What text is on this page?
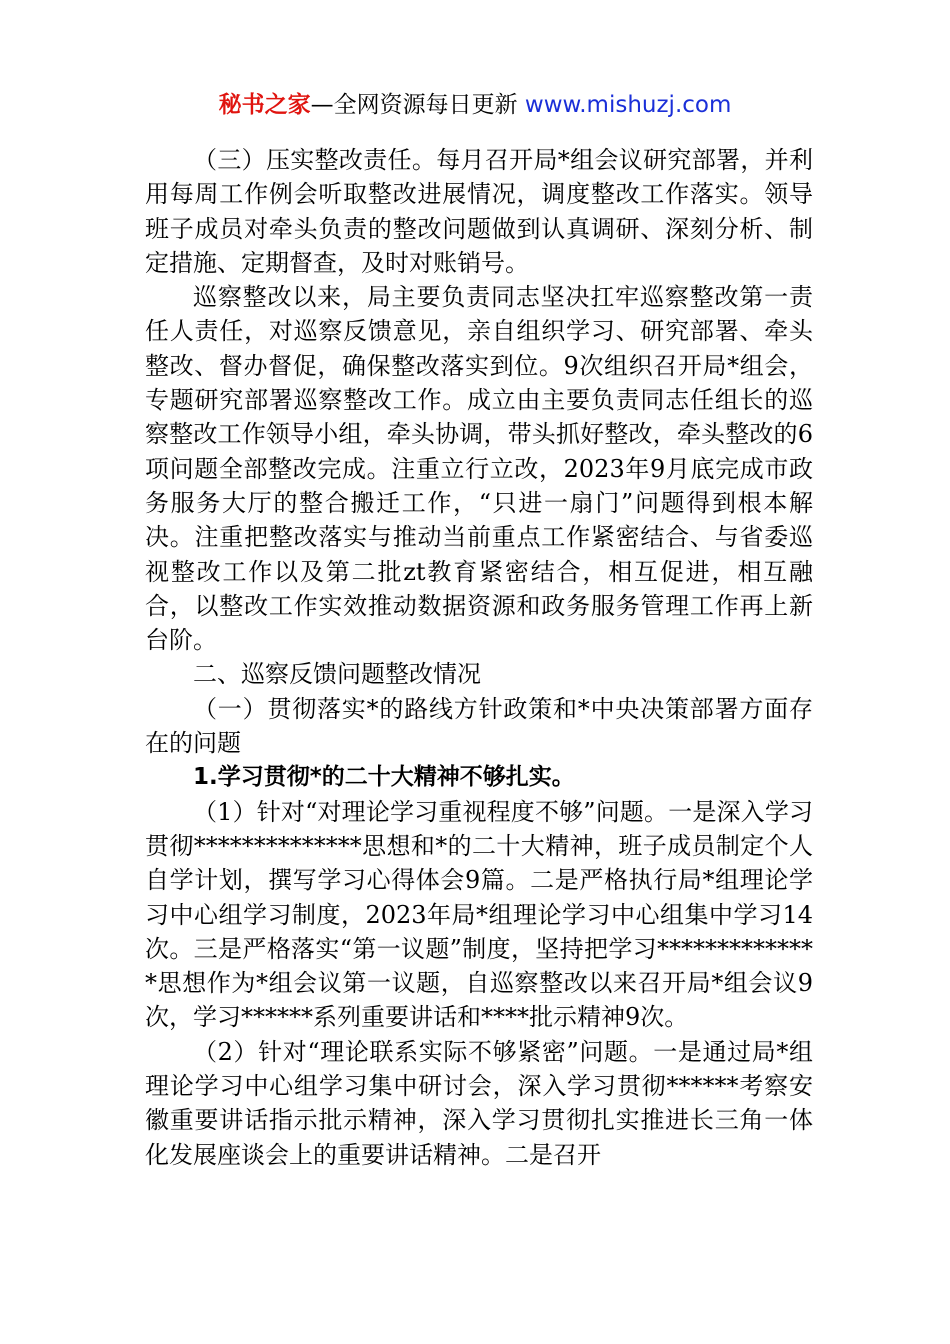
秘书之家—全网资源每日更新 www.mishuzj.com

（三）压实整改责任。每月召开局*组会议研究部署，并利用每周工作例会听取整改进展情况，调度整改工作落实。领导班子成员对牵头负责的整改问题做到认真调研、深刻分析、制定措施、定期督查，及时对账销号。

巡察整改以来，局主要负责同志坚决扛牢巡察整改第一责任人责任，对巡察反馈意见，亲自组织学习、研究部署、牵头整改、督办督促，确保整改落实到位。9次组织召开局*组会，专题研究部署巡察整改工作。成立由主要负责同志任组长的巡察整改工作领导小组，牵头协调，带头抓好整改，牵头整改的6项问题全部整改完成。注重立行立改，2023年9月底完成市政务服务大厅的整合搬迁工作，“只进一扇门”问题得到根本解决。注重把整改落实与推动当前重点工作紧密结合、与省委巡视整改工作以及第二批zt教育紧密结合，相互促进，相互融合，以整改工作实效推动数据资源和政务服务管理工作再上新台阶。

二、巡察反馈问题整改情况

（一）贯彻落实*的路线方针政策和*中央决策部署方面存在的问题

1.学习贯彻*的二十大精神不够扎实。

（1）针对“对理论学习重视程度不够”问题。一是深入学习贯彻**************思想和*的二十大精神，班子成员制定个人自学计划，撰写学习心得体会9篇。二是严格执行局*组理论学习中心组学习制度，2023年局*组理论学习中心组集中学习14次。三是严格落实“第一议题”制度，坚持把学习**************思想作为*组会议第一议题，自巡察整改以来召开局*组会议9次，学习******系列重要讲话和****批示精神9次。

（2）针对“理论联系实际不够紧密”问题。一是通过局*组理论学习中心组学习集中研讨会，深入学习贯彻******考察安徽重要讲话指示批示精神，深入学习贯彻扎实推进长三角一体化发展座谈会上的重要讲话精神。二是召开
